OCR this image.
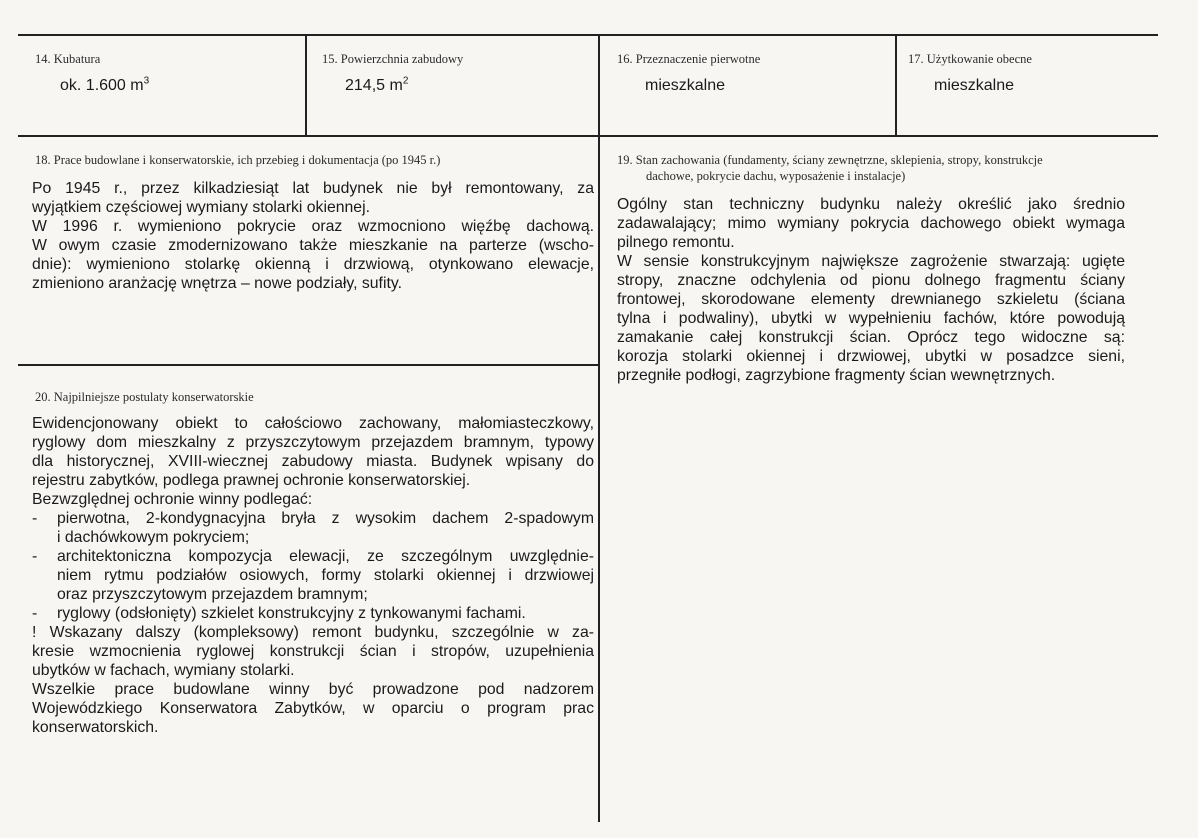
14. Kubatura
ok. 1.600 $m^3$
15. Powierzchnia zabudowy
214,5 $m^2$
16. Przeznaczenie pierwotne
mieszkalne
17. Użytkowanie obecne
mieszkalne
18. Prace budowlane i konserwatorskie, ich przebieg i dokumentacja (po 1945 r.)
Po 1945 r., przez kilkadziesiąt lat budynek nie był remontowany, za
wyjątkiem częściowej wymiany stolarki okiennej.
W 1996 r. wymieniono pokrycie oraz wzmocniono więźbę dachową.
W owym czasie zmodernizowano także mieszkanie na parterze (wscho-
dnie): wymieniono stolarkę okienną i drzwiową, otynkowano elewacje,
zmieniono aranżację wnętrza – nowe podziały, sufity.
19. Stan zachowania (fundamenty, ściany zewnętrzne, sklepienia, stropy, konstrukcje
dachowe, pokrycie dachu, wyposażenie i instalacje)
Ogólny stan techniczny budynku należy określić jako średnio
zadawalający; mimo wymiany pokrycia dachowego obiekt wymaga
pilnego remontu.
W sensie konstrukcyjnym największe zagrożenie stwarzają: ugięte
stropy, znaczne odchylenia od pionu dolnego fragmentu ściany
frontowej, skorodowane elementy drewnianego szkieletu (ściana
tylna i podwaliny), ubytki w wypełnieniu fachów, które powodują
zamakanie całej konstrukcji ścian. Oprócz tego widoczne są:
korozja stolarki okiennej i drzwiowej, ubytki w posadzce sieni,
przegniłe podłogi, zagrzybione fragmenty ścian wewnętrznych.
20. Najpilniejsze postulaty konserwatorskie
Ewidencjonowany obiekt to całościowo zachowany, małomiasteczkowy,
ryglowy dom mieszkalny z przyszczytowym przejazdem bramnym, typowy
dla historycznej, XVIII-wiecznej zabudowy miasta. Budynek wpisany do
rejestru zabytków, podlega prawnej ochronie konserwatorskiej.
Bezwzględnej ochronie winny podlegać:
- pierwotna, 2-kondygnacyjna bryła z wysokim dachem 2-spadowym
i dachówkowym pokryciem;
- architektoniczna kompozycja elewacji, ze szczególnym uwzględnie-
niem rytmu podziałów osiowych, formy stolarki okiennej i drzwiowej
oraz przyszczytowym przejazdem bramnym;
- ryglowy (odsłonięty) szkielet konstrukcyjny z tynkowanymi fachami.
! Wskazany dalszy (kompleksowy) remont budynku, szczególnie w za-
kresie wzmocnienia ryglowej konstrukcji ścian i stropów, uzupełnienia
ubytków w fachach, wymiany stolarki.
Wszelkie prace budowlane winny być prowadzone pod nadzorem
Wojewódzkiego Konserwatora Zabytków, w oparciu o program prac
konserwatorskich.
